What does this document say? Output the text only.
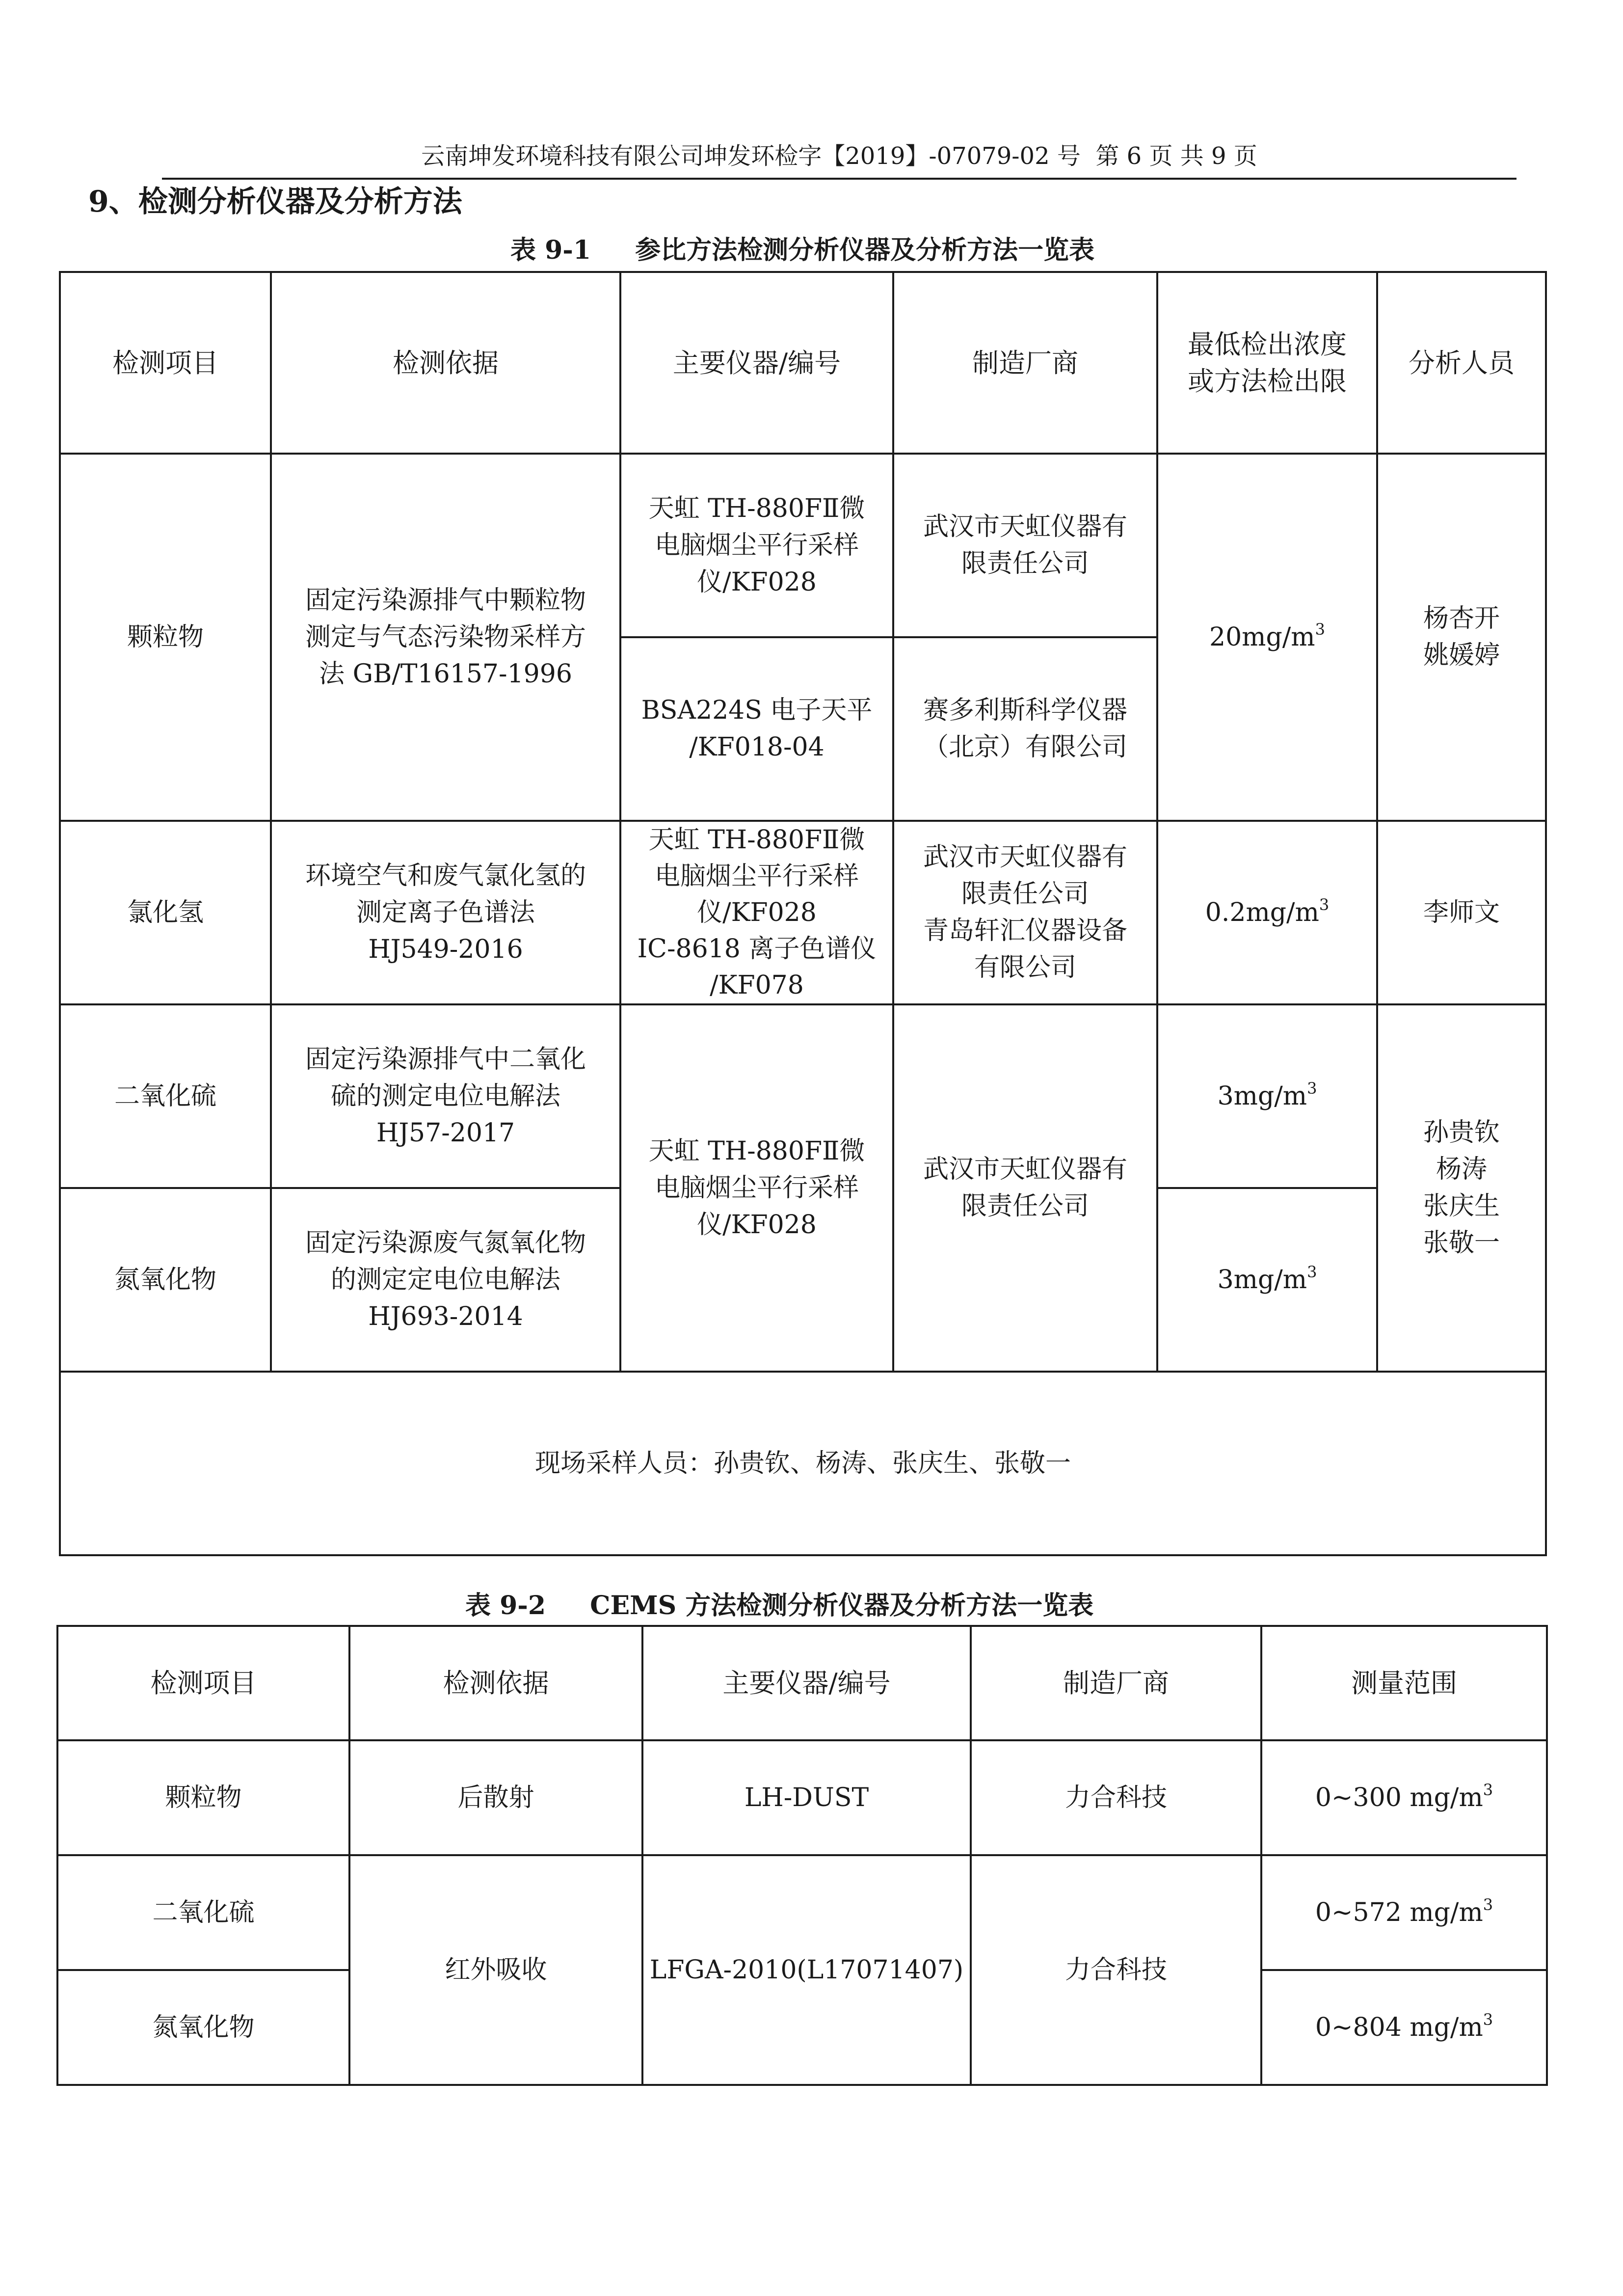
云南坤发环境科技有限公司坤发环检字【2019】-07079-02 号 第 6 页 共 9 页
9、检测分析仪器及分析方法
表 9-1 参比方法检测分析仪器及分析方法一览表
检测项目	检测依据	主要仪器/编号	制造厂商	最低检出浓度
或方法检出限	分析人员
颗粒物	固定污染源排气中颗粒物
测定与气态污染物采样方
法 GB/T16157-1996	天虹 TH-880FⅡ微
电脑烟尘平行采样
仪/KF028	武汉市天虹仪器有
限责任公司	$20mg/m^3$	杨杏开
姚媛婷

		BSA224S 电子天平
/KF018-04	赛多利斯科学仪器
（北京）有限公司		

氯化氢	环境空气和废气氯化氢的
测定离子色谱法
HJ549-2016	天虹 TH-880FⅡ微
电脑烟尘平行采样
仪/KF028
IC-8618 离子色谱仪
/KF078	武汉市天虹仪器有
限责任公司
青岛轩汇仪器设备
有限公司	$0.2mg/m^3$	李师文
二氧化硫	固定污染源排气中二氧化
硫的测定电位电解法
HJ57-2017	天虹 TH-880FⅡ微
电脑烟尘平行采样
仪/KF028	武汉市天虹仪器有
限责任公司	$3mg/m^3$	孙贵钦
杨涛
张庆生
张敬一

氮氧化物	固定污染源废气氮氧化物
的测定定电位电解法
HJ693-2014			$3mg/m^3$
现场采样人员：孙贵钦、杨涛、张庆生、张敬一					
表 9-2 CEMS 方法检测分析仪器及分析方法一览表
检测项目	检测依据	主要仪器/编号	制造厂商	测量范围
颗粒物	后散射	LH-DUST	力合科技	0~300 $mg/m^3$
二氧化硫	红外吸收	LFGA-2010(L17071407)	力合科技	0~572 $mg/m^3$
氮氧化物				0~804 $mg/m^3$
